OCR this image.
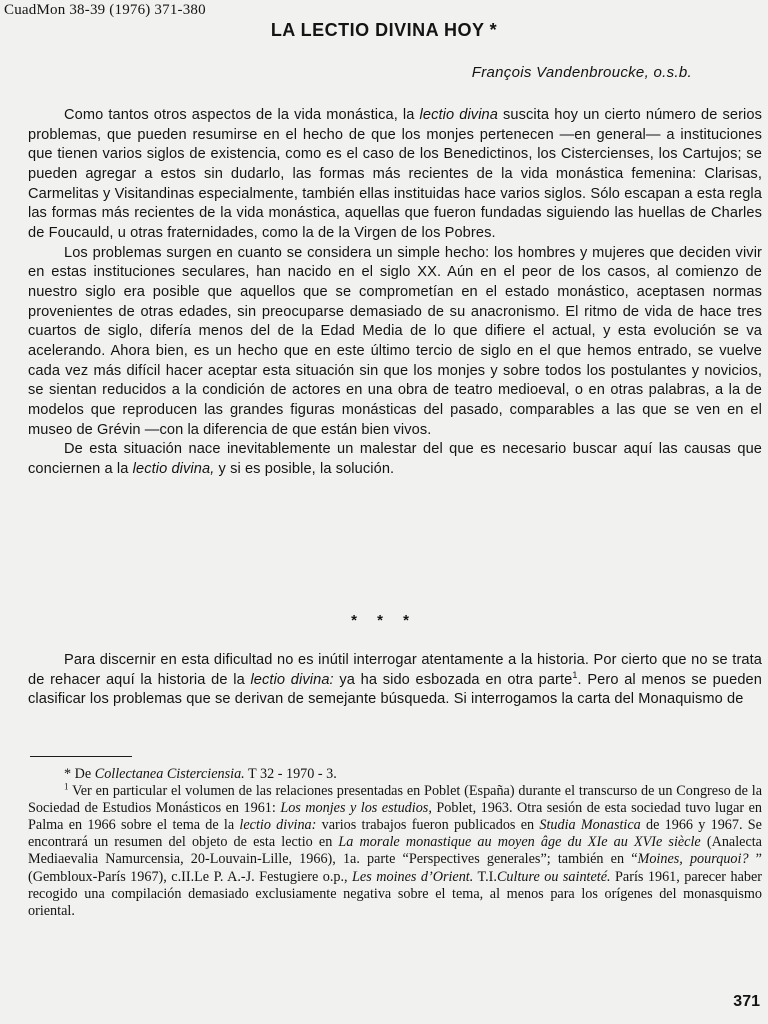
CuadMon 38-39 (1976) 371-380
LA LECTIO DIVINA HOY *
François Vandenbroucke, o.s.b.

Como tantos otros aspectos de la vida monástica, la lectio divina suscita hoy un cierto número de serios problemas, que pueden resumirse en el hecho de que los monjes pertenecen —en general— a instituciones que tienen varios siglos de existencia, como es el caso de los Benedictinos, los Cistercienses, los Cartujos; se pueden agregar a estos sin dudarlo, las formas más recientes de la vida monástica femenina: Clarisas, Carmelitas y Visitandinas especialmente, también ellas instituidas hace varios siglos. Sólo escapan a esta regla las formas más recientes de la vida monástica, aquellas que fueron fundadas siguiendo las huellas de Charles de Foucauld, u otras fraternidades, como la de la Virgen de los Pobres.

Los problemas surgen en cuanto se considera un simple hecho: los hombres y mujeres que deciden vivir en estas instituciones seculares, han nacido en el siglo XX. Aún en el peor de los casos, al comienzo de nuestro siglo era posible que aquellos que se comprometían en el estado monástico, aceptasen normas provenientes de otras edades, sin preocuparse demasiado de su anacronismo. El ritmo de vida de hace tres cuartos de siglo, difería menos del de la Edad Media de lo que difiere el actual, y esta evolución se va acelerando. Ahora bien, es un hecho que en este último tercio de siglo en el que hemos entrado, se vuelve cada vez más difícil hacer aceptar esta situación sin que los monjes y sobre todos los postulantes y novicios, se sientan reducidos a la condición de actores en una obra de teatro medioeval, o en otras palabras, a la de modelos que reproducen las grandes figuras monásticas del pasado, comparables a las que se ven en el museo de Grévin —con la diferencia de que están bien vivos.

De esta situación nace inevitablemente un malestar del que es necesario buscar aquí las causas que conciernen a la lectio divina, y si es posible, la solución.

* * *

Para discernir en esta dificultad no es inútil interrogar atentamente a la historia. Por cierto que no se trata de rehacer aquí la historia de la lectio divina: ya ha sido esbozada en otra parte$^1$. Pero al menos se pueden clasificar los problemas que se derivan de semejante búsqueda. Si interrogamos la carta del Monaquismo de

* De Collectanea Cisterciensia. T 32 - 1970 - 3.

$^1$ Ver en particular el volumen de las relaciones presentadas en Poblet (España) durante el transcurso de un Congreso de la Sociedad de Estudios Monásticos en 1961: Los monjes y los estudios, Poblet, 1963. Otra sesión de esta sociedad tuvo lugar en Palma en 1966 sobre el tema de la lectio divina: varios trabajos fueron publicados en Studia Monastica de 1966 y 1967. Se encontrará un resumen del objeto de esta lectio en La morale monastique au moyen âge du XIe au XVIe siècle (Analecta Mediaevalia Namurcensia, 20-Louvain-Lille, 1966), 1a. parte “Perspectives generales”; también en “Moines, pourquoi? ” (Gembloux-París 1967), c.II.Le P. A.-J. Festugiere o.p., Les moines d’Orient. T.I.Culture ou sainteté. París 1961, parecer haber recogido una compilación demasiado exclusiamente negativa sobre el tema, al menos para los orígenes del monasquismo oriental.

371
